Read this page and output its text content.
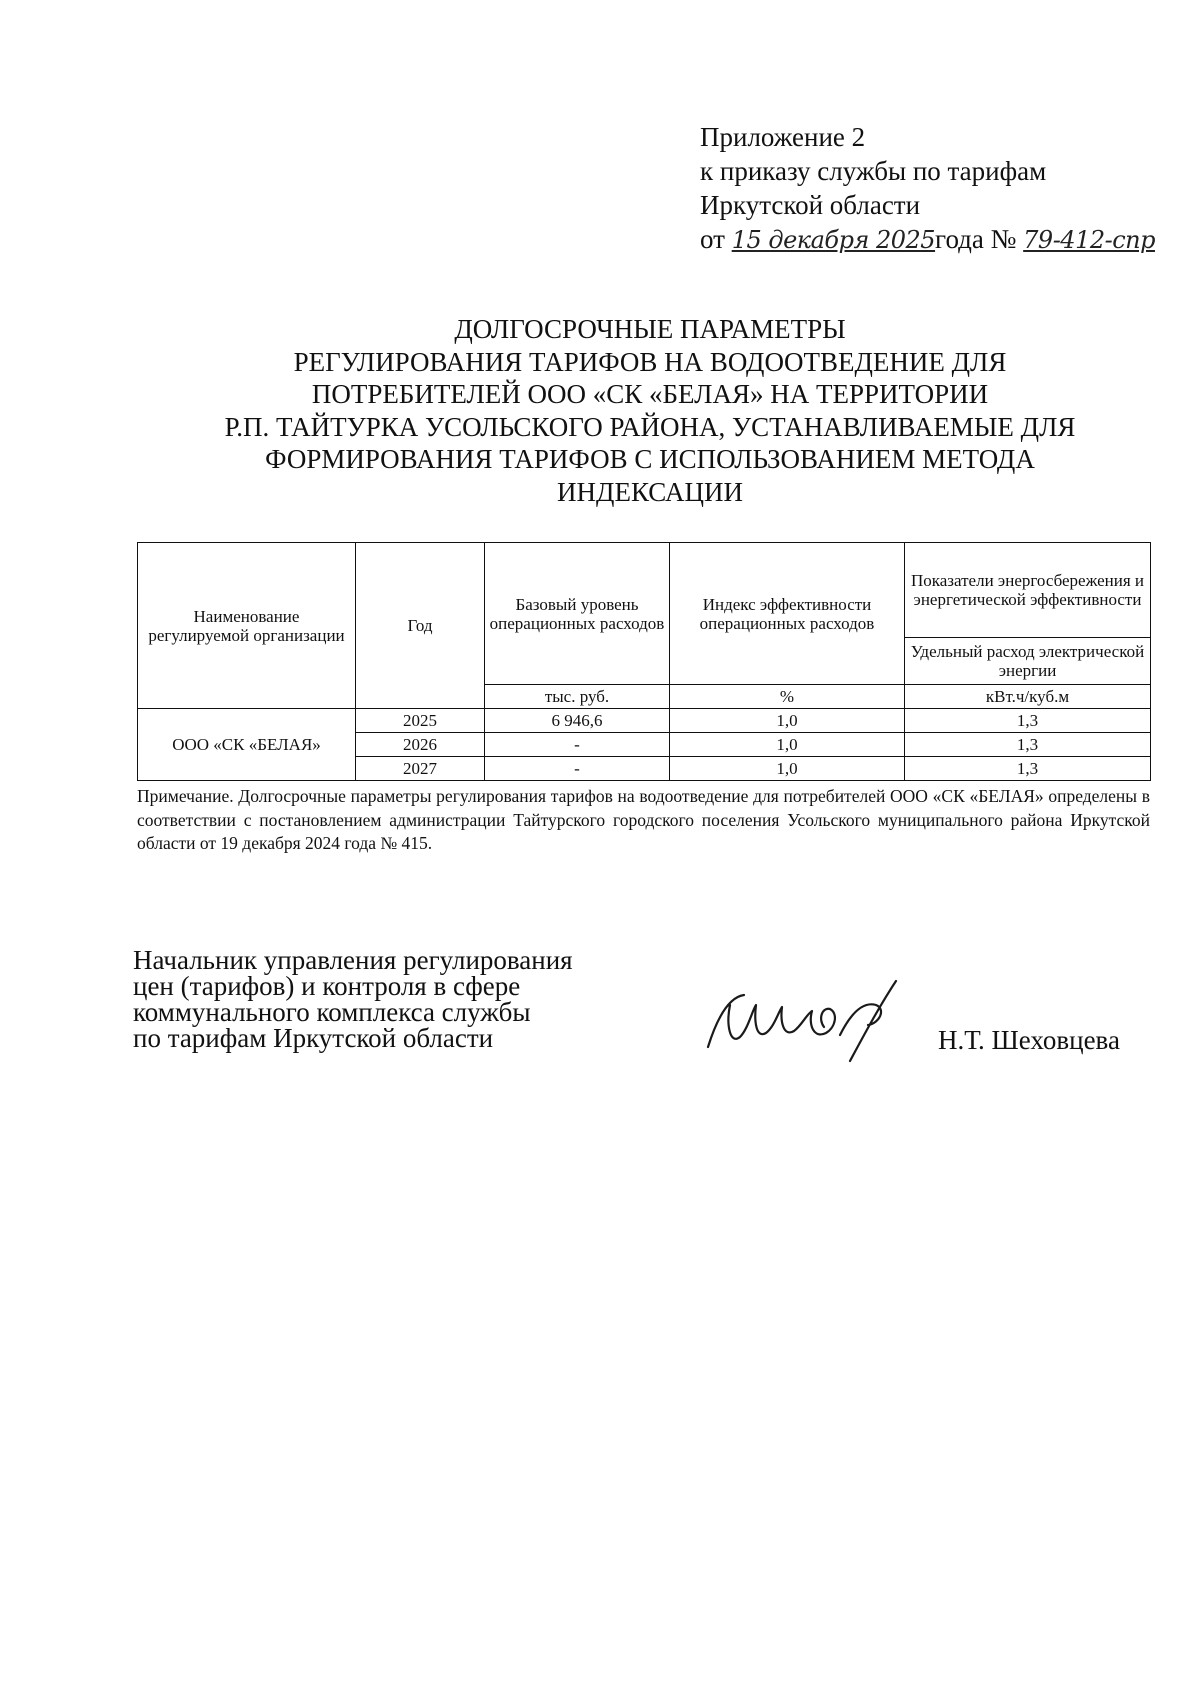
Приложение 2
к приказу службы по тарифам
Иркутской области
от 15 декабря 2025года № 79-412-спр
ДОЛГОСРОЧНЫЕ ПАРАМЕТРЫ
РЕГУЛИРОВАНИЯ ТАРИФОВ НА ВОДООТВЕДЕНИЕ ДЛЯ
ПОТРЕБИТЕЛЕЙ ООО «СК «БЕЛАЯ» НА ТЕРРИТОРИИ
Р.П. ТАЙТУРКА УСОЛЬСКОГО РАЙОНА, УСТАНАВЛИВАЕМЫЕ ДЛЯ
ФОРМИРОВАНИЯ ТАРИФОВ С ИСПОЛЬЗОВАНИЕМ МЕТОДА
ИНДЕКСАЦИИ
Наименование регулируемой организации	Год	Базовый уровень операционных расходов	Индекс эффективности операционных расходов	Показатели энергосбережения и энергетической эффективности
				Удельный расход электрической энергии
		тыс. руб.	%	кВт.ч/куб.м
ООО «СК «БЕЛАЯ»	2025	6 946,6	1,0	1,3
	2026	-	1,0	1,3
	2027	-	1,0	1,3
Примечание. Долгосрочные параметры регулирования тарифов на водоотведение для потребителей ООО «СК «БЕЛАЯ» определены в соответствии с постановлением администрации Тайтурского городского поселения Усольского муниципального района Иркутской области от 19 декабря 2024 года № 415.
Начальник управления регулирования
цен (тарифов) и контроля в сфере
коммунального комплекса службы
по тарифам Иркутской области	Н.Т. Шеховцева
